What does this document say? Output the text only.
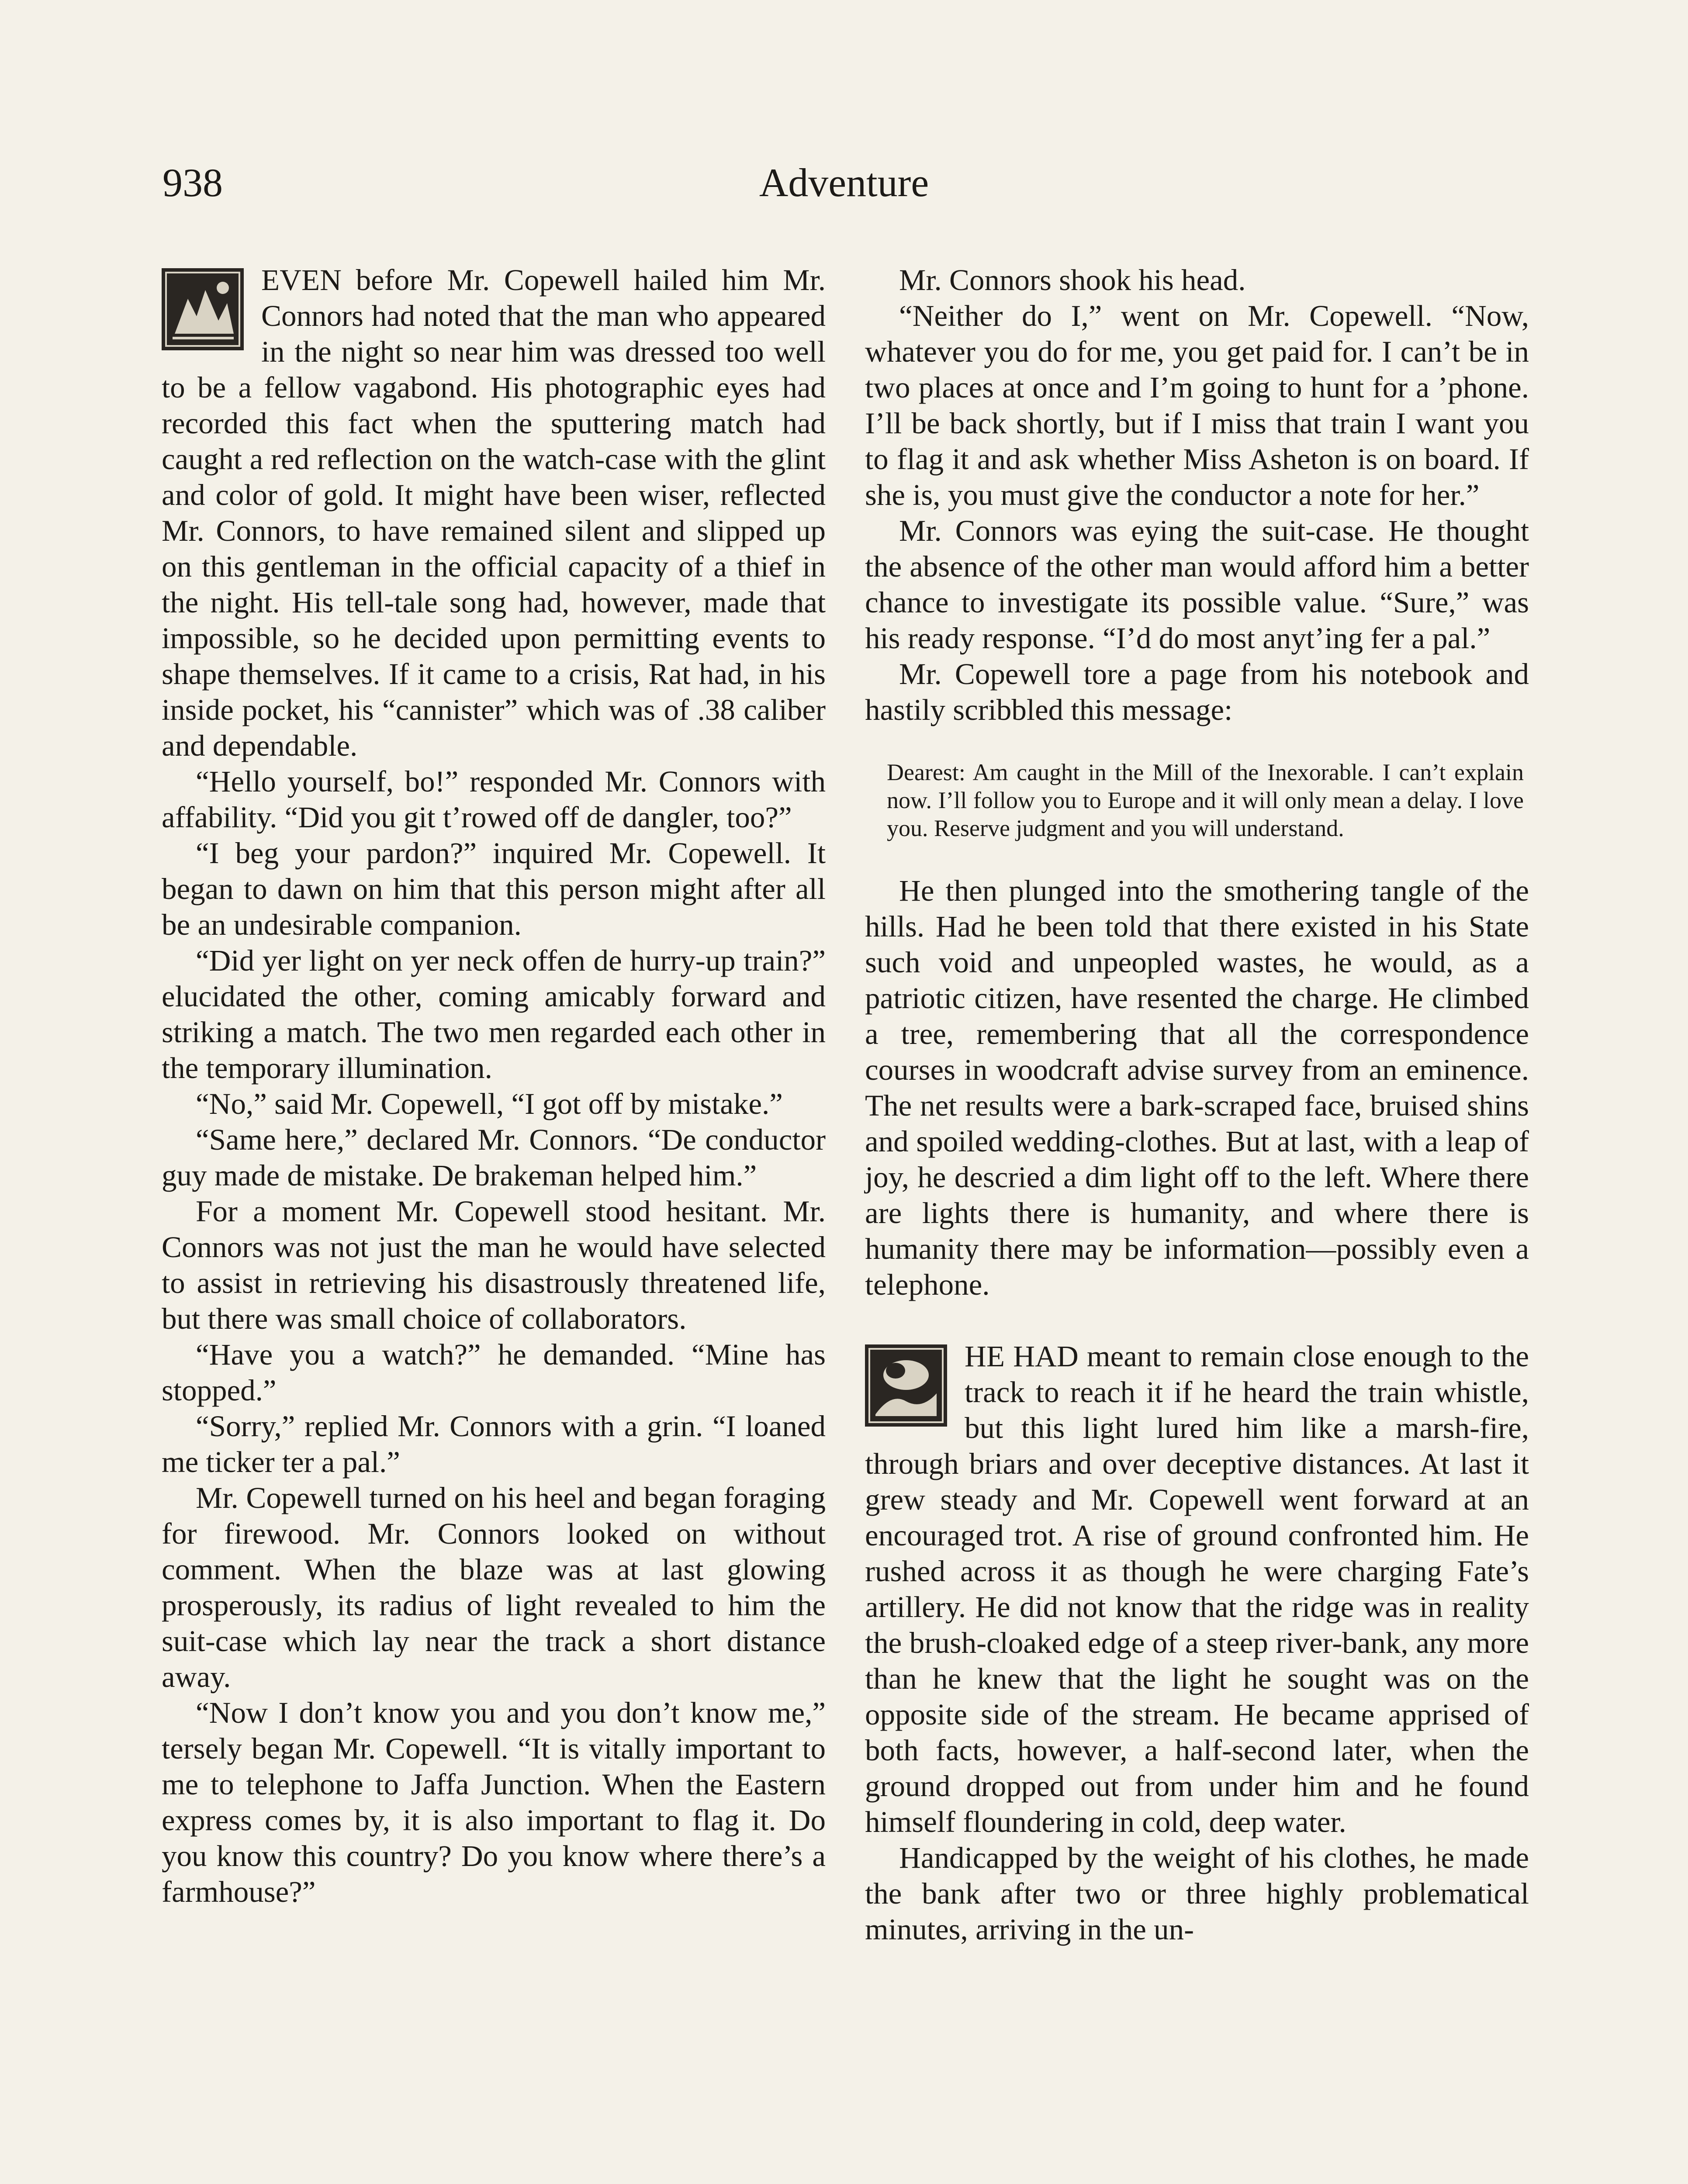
938	Adventure

EVEN before Mr. Copewell hailed him Mr. Connors had noted that the man who appeared in the night so near him was dressed too well to be a fellow vagabond. His photographic eyes had recorded this fact when the sputtering match had caught a red reflection on the watch-case with the glint and color of gold. It might have been wiser, reflected Mr. Connors, to have remained silent and slipped up on this gentleman in the official capacity of a thief in the night. His tell-tale song had, however, made that impossible, so he decided upon permitting events to shape themselves. If it came to a crisis, Rat had, in his inside pocket, his “cannister” which was of .38 caliber and dependable.

“Hello yourself, bo!” responded Mr. Connors with affability. “Did you git t’rowed off de dangler, too?”

“I beg your pardon?” inquired Mr. Copewell. It began to dawn on him that this person might after all be an undesirable companion.

“Did yer light on yer neck offen de hurry-up train?” elucidated the other, coming amicably forward and striking a match. The two men regarded each other in the temporary illumination.

“No,” said Mr. Copewell, “I got off by mistake.”

“Same here,” declared Mr. Connors. “De conductor guy made de mistake. De brakeman helped him.”

For a moment Mr. Copewell stood hesitant. Mr. Connors was not just the man he would have selected to assist in retrieving his disastrously threatened life, but there was small choice of collaborators.

“Have you a watch?” he demanded. “Mine has stopped.”

“Sorry,” replied Mr. Connors with a grin. “I loaned me ticker ter a pal.”

Mr. Copewell turned on his heel and began foraging for firewood. Mr. Connors looked on without comment. When the blaze was at last glowing prosperously, its radius of light revealed to him the suit-case which lay near the track a short distance away.

“Now I don’t know you and you don’t know me,” tersely began Mr. Copewell. “It is vitally important to me to telephone to Jaffa Junction. When the Eastern express comes by, it is also important to flag it. Do you know this country? Do you know where there’s a farmhouse?”

Mr. Connors shook his head.

“Neither do I,” went on Mr. Copewell. “Now, whatever you do for me, you get paid for. I can’t be in two places at once and I’m going to hunt for a ’phone. I’ll be back shortly, but if I miss that train I want you to flag it and ask whether Miss Asheton is on board. If she is, you must give the conductor a note for her.”

Mr. Connors was eying the suit-case. He thought the absence of the other man would afford him a better chance to investigate its possible value. “Sure,” was his ready response. “I’d do most anyt’ing fer a pal.”

Mr. Copewell tore a page from his notebook and hastily scribbled this message:

Dearest: Am caught in the Mill of the Inexorable. I can’t explain now. I’ll follow you to Europe and it will only mean a delay. I love you. Reserve judgment and you will understand.

He then plunged into the smothering tangle of the hills. Had he been told that there existed in his State such void and unpeopled wastes, he would, as a patriotic citizen, have resented the charge. He climbed a tree, remembering that all the correspondence courses in woodcraft advise survey from an eminence. The net results were a bark-scraped face, bruised shins and spoiled wedding-clothes. But at last, with a leap of joy, he descried a dim light off to the left. Where there are lights there is humanity, and where there is humanity there may be information—possibly even a telephone.

HE HAD meant to remain close enough to the track to reach it if he heard the train whistle, but this light lured him like a marsh-fire, through briars and over deceptive distances. At last it grew steady and Mr. Copewell went forward at an encouraged trot. A rise of ground confronted him. He rushed across it as though he were charging Fate’s artillery. He did not know that the ridge was in reality the brush-cloaked edge of a steep river-bank, any more than he knew that the light he sought was on the opposite side of the stream. He became apprised of both facts, however, a half-second later, when the ground dropped out from under him and he found himself floundering in cold, deep water.

Handicapped by the weight of his clothes, he made the bank after two or three highly problematical minutes, arriving in the un-
